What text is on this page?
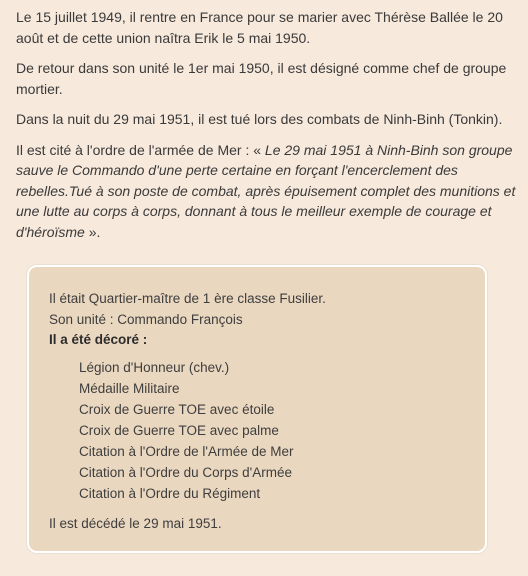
Le 15 juillet 1949, il rentre en France pour se marier avec Thérèse Ballée le 20 août et de cette union naîtra Erik le 5 mai 1950.

De retour dans son unité le 1er mai 1950, il est désigné comme chef de groupe mortier.

Dans la nuit du 29 mai 1951, il est tué lors des combats de Ninh-Binh (Tonkin).

Il est cité à l'ordre de l'armée de Mer : « Le 29 mai 1951 à Ninh-Binh son groupe sauve le Commando d'une perte certaine en forçant l'encerclement des rebelles.Tué à son poste de combat, après épuisement complet des munitions et une lutte au corps à corps, donnant à tous le meilleur exemple de courage et d'héroïsme ».

Il était Quartier-maître de 1 ère classe Fusilier.
Son unité : Commando François
Il a été décoré :
Légion d'Honneur (chev.)
Médaille Militaire
Croix de Guerre TOE avec étoile
Croix de Guerre TOE avec palme
Citation à l'Ordre de l'Armée de Mer
Citation à l'Ordre du Corps d'Armée
Citation à l'Ordre du Régiment
Il est décédé le 29 mai 1951.
